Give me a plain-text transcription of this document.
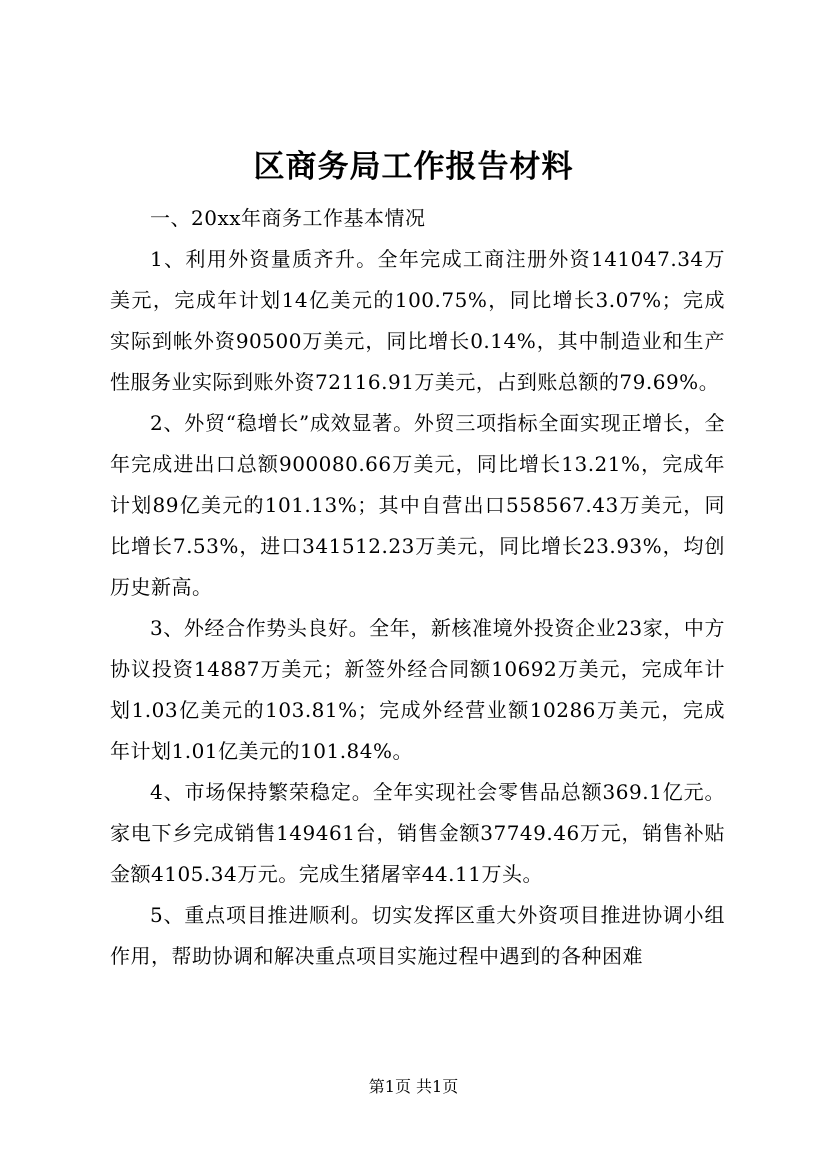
区商务局工作报告材料

一、20xx年商务工作基本情况

1、利用外资量质齐升。全年完成工商注册外资141047.34万美元，完成年计划14亿美元的100.75%，同比增长3.07%；完成实际到帐外资90500万美元，同比增长0.14%，其中制造业和生产性服务业实际到账外资72116.91万美元，占到账总额的79.69%。

2、外贸“稳增长”成效显著。外贸三项指标全面实现正增长，全年完成进出口总额900080.66万美元，同比增长13.21%，完成年计划89亿美元的101.13%；其中自营出口558567.43万美元，同比增长7.53%，进口341512.23万美元，同比增长23.93%，均创历史新高。

3、外经合作势头良好。全年，新核准境外投资企业23家，中方协议投资14887万美元；新签外经合同额10692万美元，完成年计划1.03亿美元的103.81%；完成外经营业额10286万美元，完成年计划1.01亿美元的101.84%。

4、市场保持繁荣稳定。全年实现社会零售品总额369.1亿元。家电下乡完成销售149461台，销售金额37749.46万元，销售补贴金额4105.34万元。完成生猪屠宰44.11万头。

5、重点项目推进顺利。切实发挥区重大外资项目推进协调小组作用，帮助协调和解决重点项目实施过程中遇到的各种困难

第1页 共1页
